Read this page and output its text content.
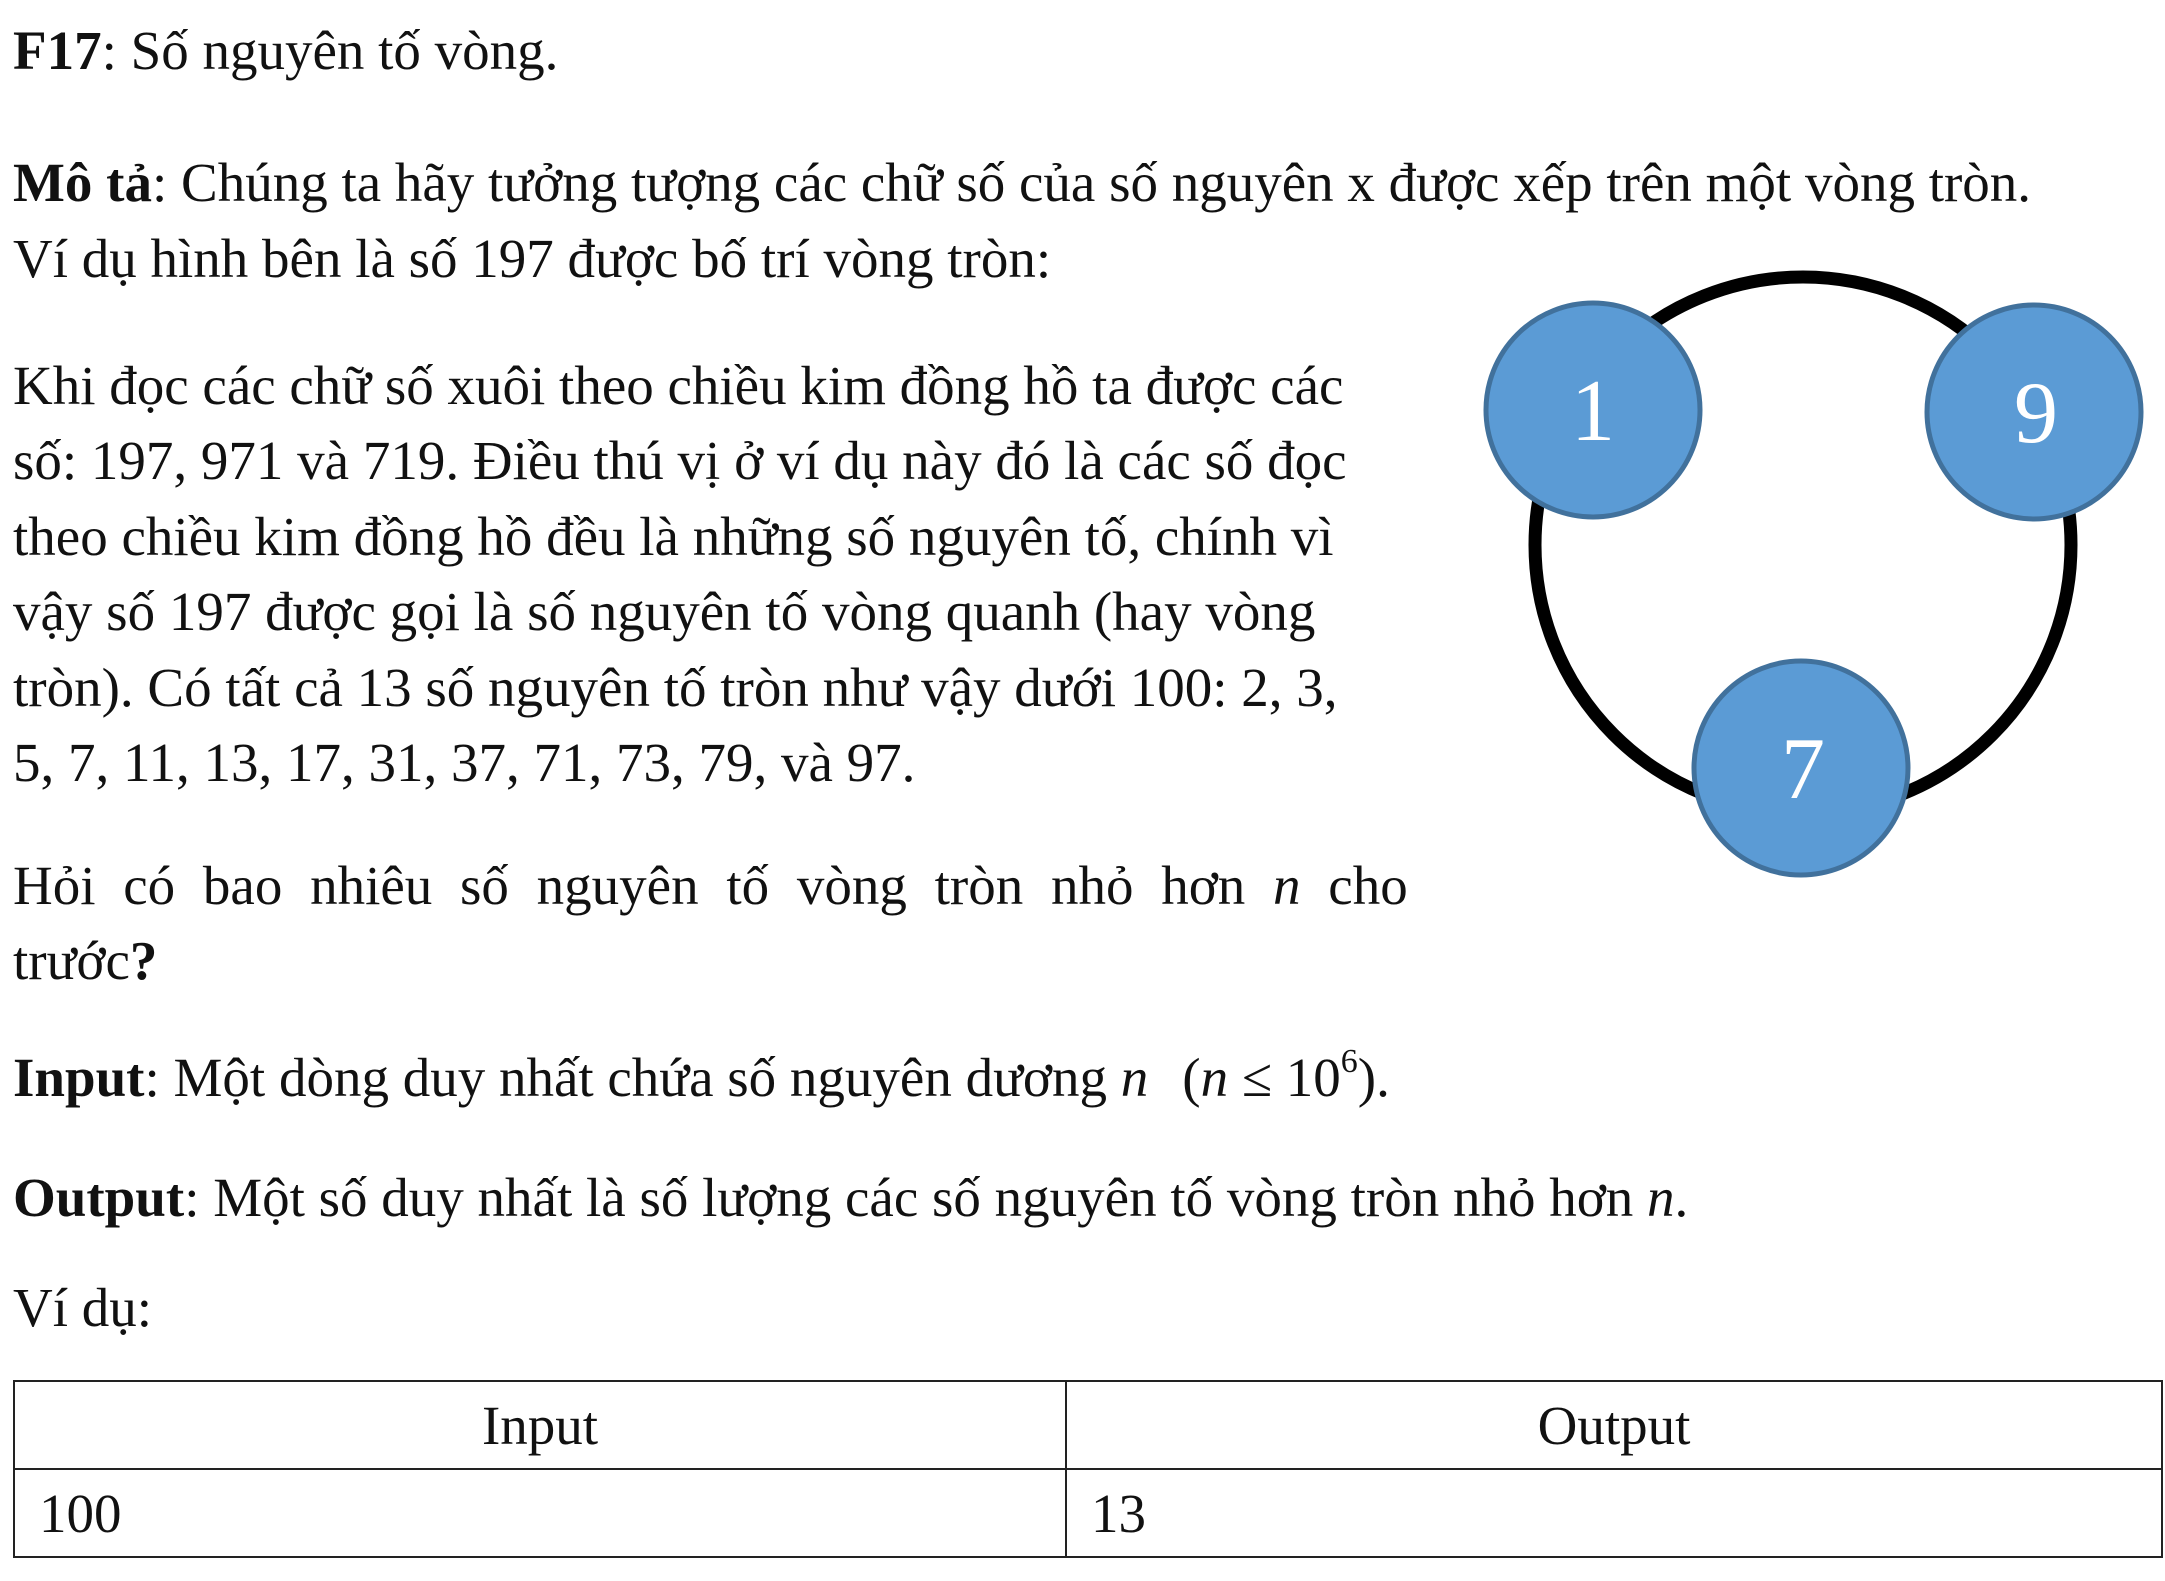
F17: Số nguyên tố vòng.
Mô tả: Chúng ta hãy tưởng tượng các chữ số của số nguyên x được xếp trên một vòng tròn.
Ví dụ hình bên là số 197 được bố trí vòng tròn:
Khi đọc các chữ số xuôi theo chiều kim đồng hồ ta được các
số: 197, 971 và 719. Điều thú vị ở ví dụ này đó là các số đọc
theo chiều kim đồng hồ đều là những số nguyên tố, chính vì
vậy số 197 được gọi là số nguyên tố vòng quanh (hay vòng
tròn). Có tất cả 13 số nguyên tố tròn như vậy dưới 100: 2, 3,
5, 7, 11, 13, 17, 31, 37, 71, 73, 79, và 97.
Hỏi có bao nhiêu số nguyên tố vòng tròn nhỏ hơn n cho
trước?
1	9
7
Input: Một dòng duy nhất chứa số nguyên dương n $(n \le 10^6)$.
Output: Một số duy nhất là số lượng các số nguyên tố vòng tròn nhỏ hơn n.
Ví dụ:
Input	Output
100	13
